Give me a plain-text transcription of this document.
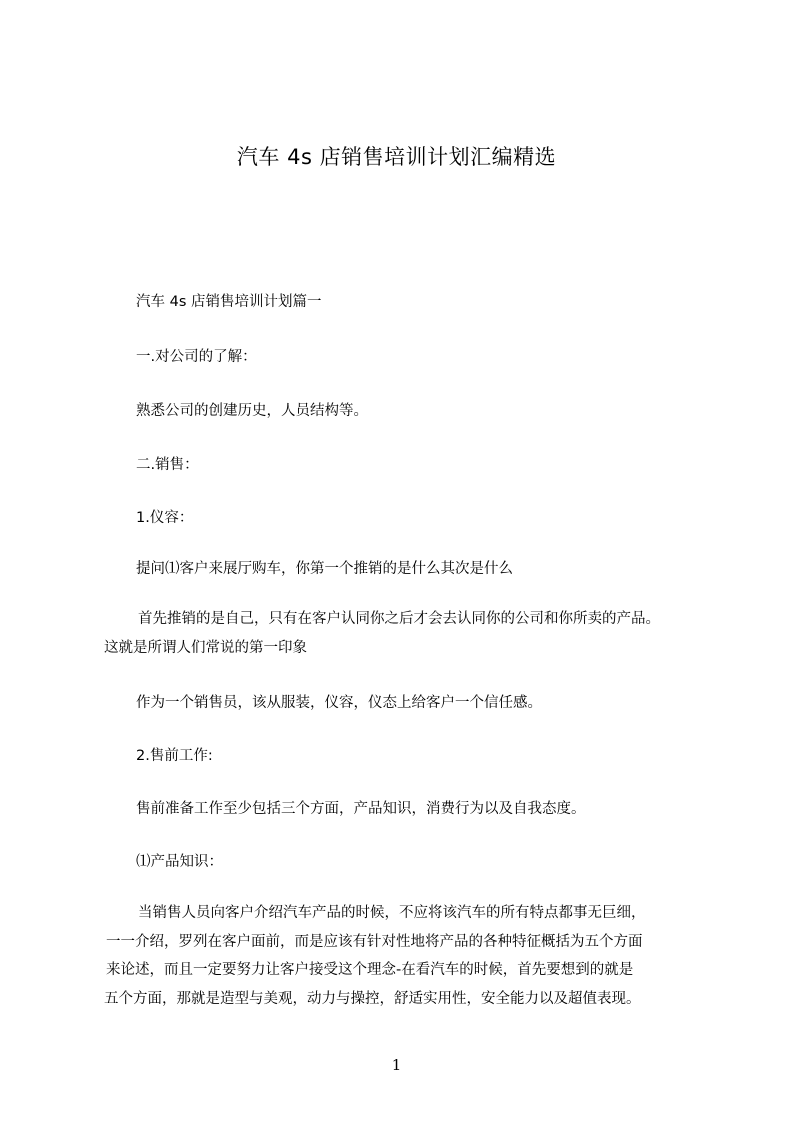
汽车 4s 店销售培训计划汇编精选
汽车 4s 店销售培训计划篇一
一.对公司的了解：
熟悉公司的创建历史，人员结构等。
二.销售：
1.仪容：
提问⑴客户来展厅购车，你第一个推销的是什么其次是什么
首先推销的是自己，只有在客户认同你之后才会去认同你的公司和你所卖的产品。
这就是所谓人们常说的第一印象
作为一个销售员，该从服装，仪容，仪态上给客户一个信任感。
2.售前工作:
售前准备工作至少包括三个方面，产品知识，消费行为以及自我态度。
⑴产品知识：
当销售人员向客户介绍汽车产品的时候，不应将该汽车的所有特点都事无巨细，
一一介绍，罗列在客户面前，而是应该有针对性地将产品的各种特征概括为五个方面
来论述，而且一定要努力让客户接受这个理念-在看汽车的时候，首先要想到的就是
五个方面，那就是造型与美观，动力与操控，舒适实用性，安全能力以及超值表现。
1
